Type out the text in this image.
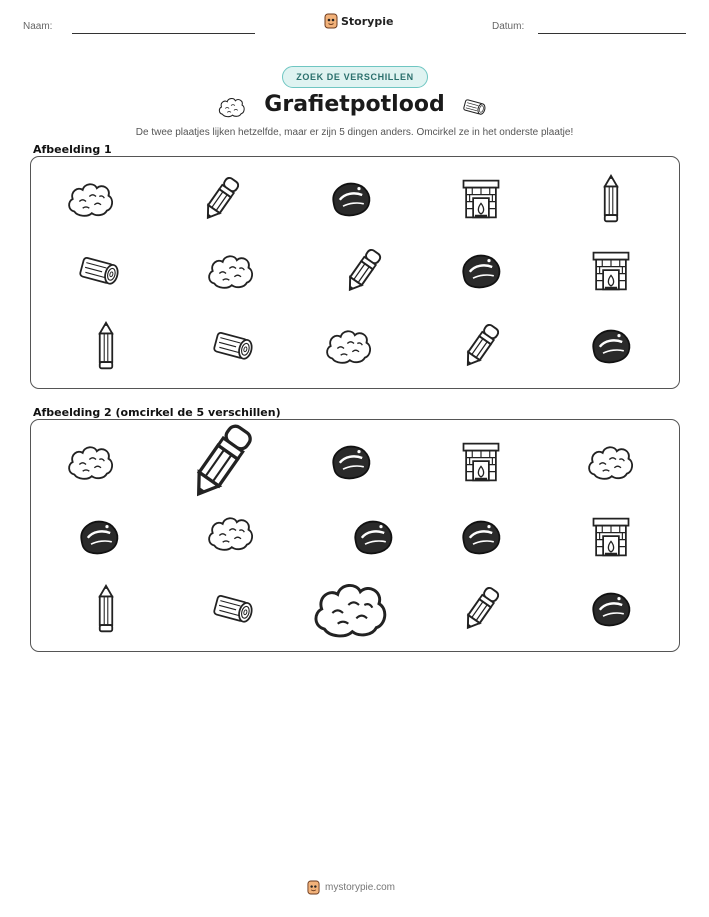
Naam:	Storypie	Datum:
ZOEK DE VERSCHILLEN
Grafietpotlood
De twee plaatjes lijken hetzelfde, maar er zijn 5 dingen anders. Omcirkel ze in het onderste plaatje!
Afbeelding 1
Afbeelding 2 (omcirkel de 5 verschillen)
mystorypie.com
